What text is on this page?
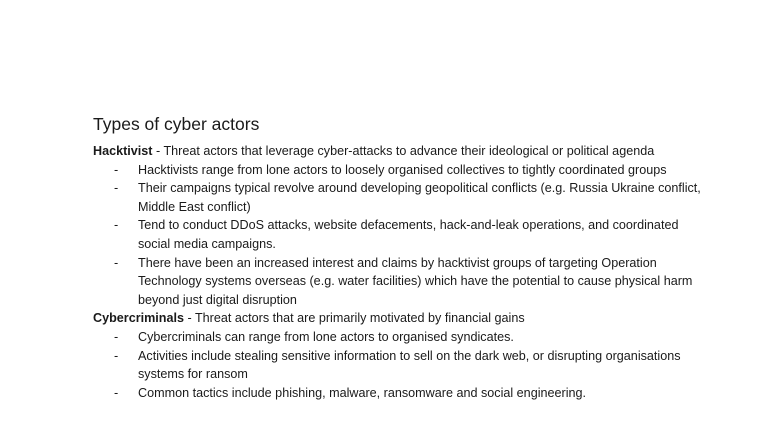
Types of cyber actors

Hacktivist - Threat actors that leverage cyber-attacks to advance their ideological or political agenda

- Hacktivists range from lone actors to loosely organised collectives to tightly coordinated groups
- Their campaigns typical revolve around developing geopolitical conflicts (e.g. Russia Ukraine conflict, Middle East conflict)
- Tend to conduct DDoS attacks, website defacements, hack-and-leak operations, and coordinated social media campaigns.
- There have been an increased interest and claims by hacktivist groups of targeting Operation Technology systems overseas (e.g. water facilities) which have the potential to cause physical harm beyond just digital disruption

Cybercriminals - Threat actors that are primarily motivated by financial gains

- Cybercriminals can range from lone actors to organised syndicates.
- Activities include stealing sensitive information to sell on the dark web, or disrupting organisations systems for ransom
- Common tactics include phishing, malware, ransomware and social engineering.
